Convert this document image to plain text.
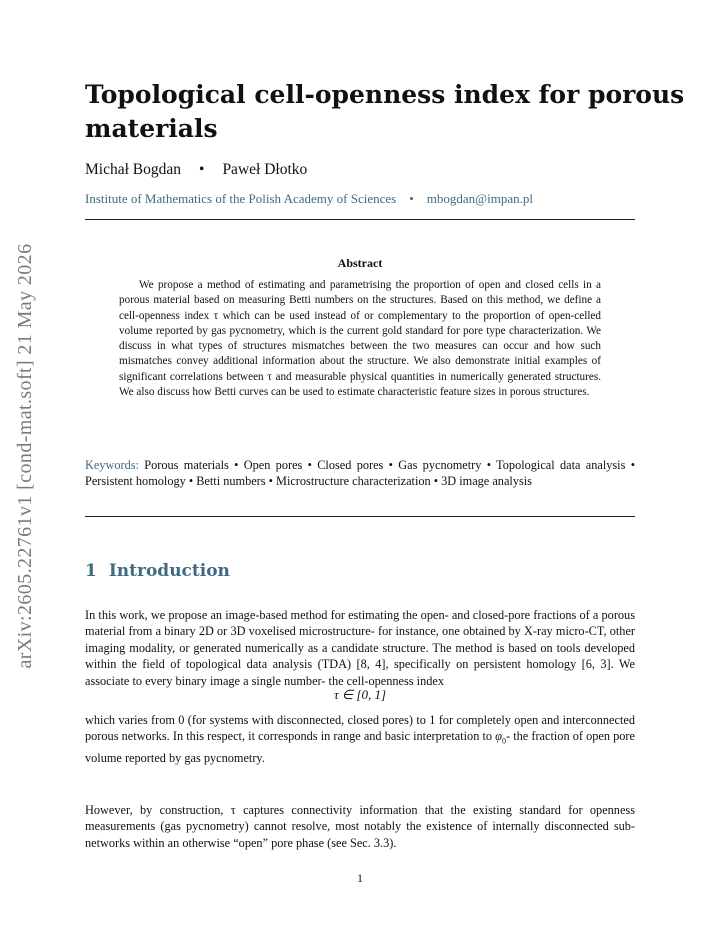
arXiv:2605.22761v1 [cond-mat.soft] 21 May 2026
Topological cell-openness index for porous materials
Michał Bogdan • Paweł Dłotko
Institute of Mathematics of the Polish Academy of Sciences • mbogdan@impan.pl
Abstract

We propose a method of estimating and parametrising the proportion of open and closed cells in a porous material based on measuring Betti numbers on the structures. Based on this method, we define a cell-openness index τ which can be used instead of or complementary to the proportion of open-celled volume reported by gas pycnometry, which is the current gold standard for pore type characterization. We discuss in what types of structures mismatches between the two measures can occur and how such mismatches convey additional information about the structure. We also demonstrate initial examples of significant correlations between τ and measurable physical quantities in numerically generated structures. We also discuss how Betti curves can be used to estimate characteristic feature sizes in porous structures.

Keywords: Porous materials • Open pores • Closed pores • Gas pycnometry • Topological data analysis • Persistent homology • Betti numbers • Microstructure characterization • 3D image analysis

1 Introduction

In this work, we propose an image-based method for estimating the open- and closed-pore fractions of a porous material from a binary 2D or 3D voxelised microstructure- for instance, one obtained by X-ray micro-CT, other imaging modality, or generated numerically as a candidate structure. The method is based on tools developed within the field of topological data analysis (TDA) [8, 4], specifically on persistent homology [6, 3]. We associate to every binary image a single number- the cell-openness index

τ ∈ [0, 1]

which varies from 0 (for systems with disconnected, closed pores) to 1 for completely open and interconnected porous networks. In this respect, it corresponds in range and basic interpretation to $\varphi_0-$ the fraction of open pore volume reported by gas pycnometry.

However, by construction, τ captures connectivity information that the existing standard for openness measurements (gas pycnometry) cannot resolve, most notably the existence of internally disconnected sub-networks within an otherwise “open” pore phase (see Sec. 3.3).

1
